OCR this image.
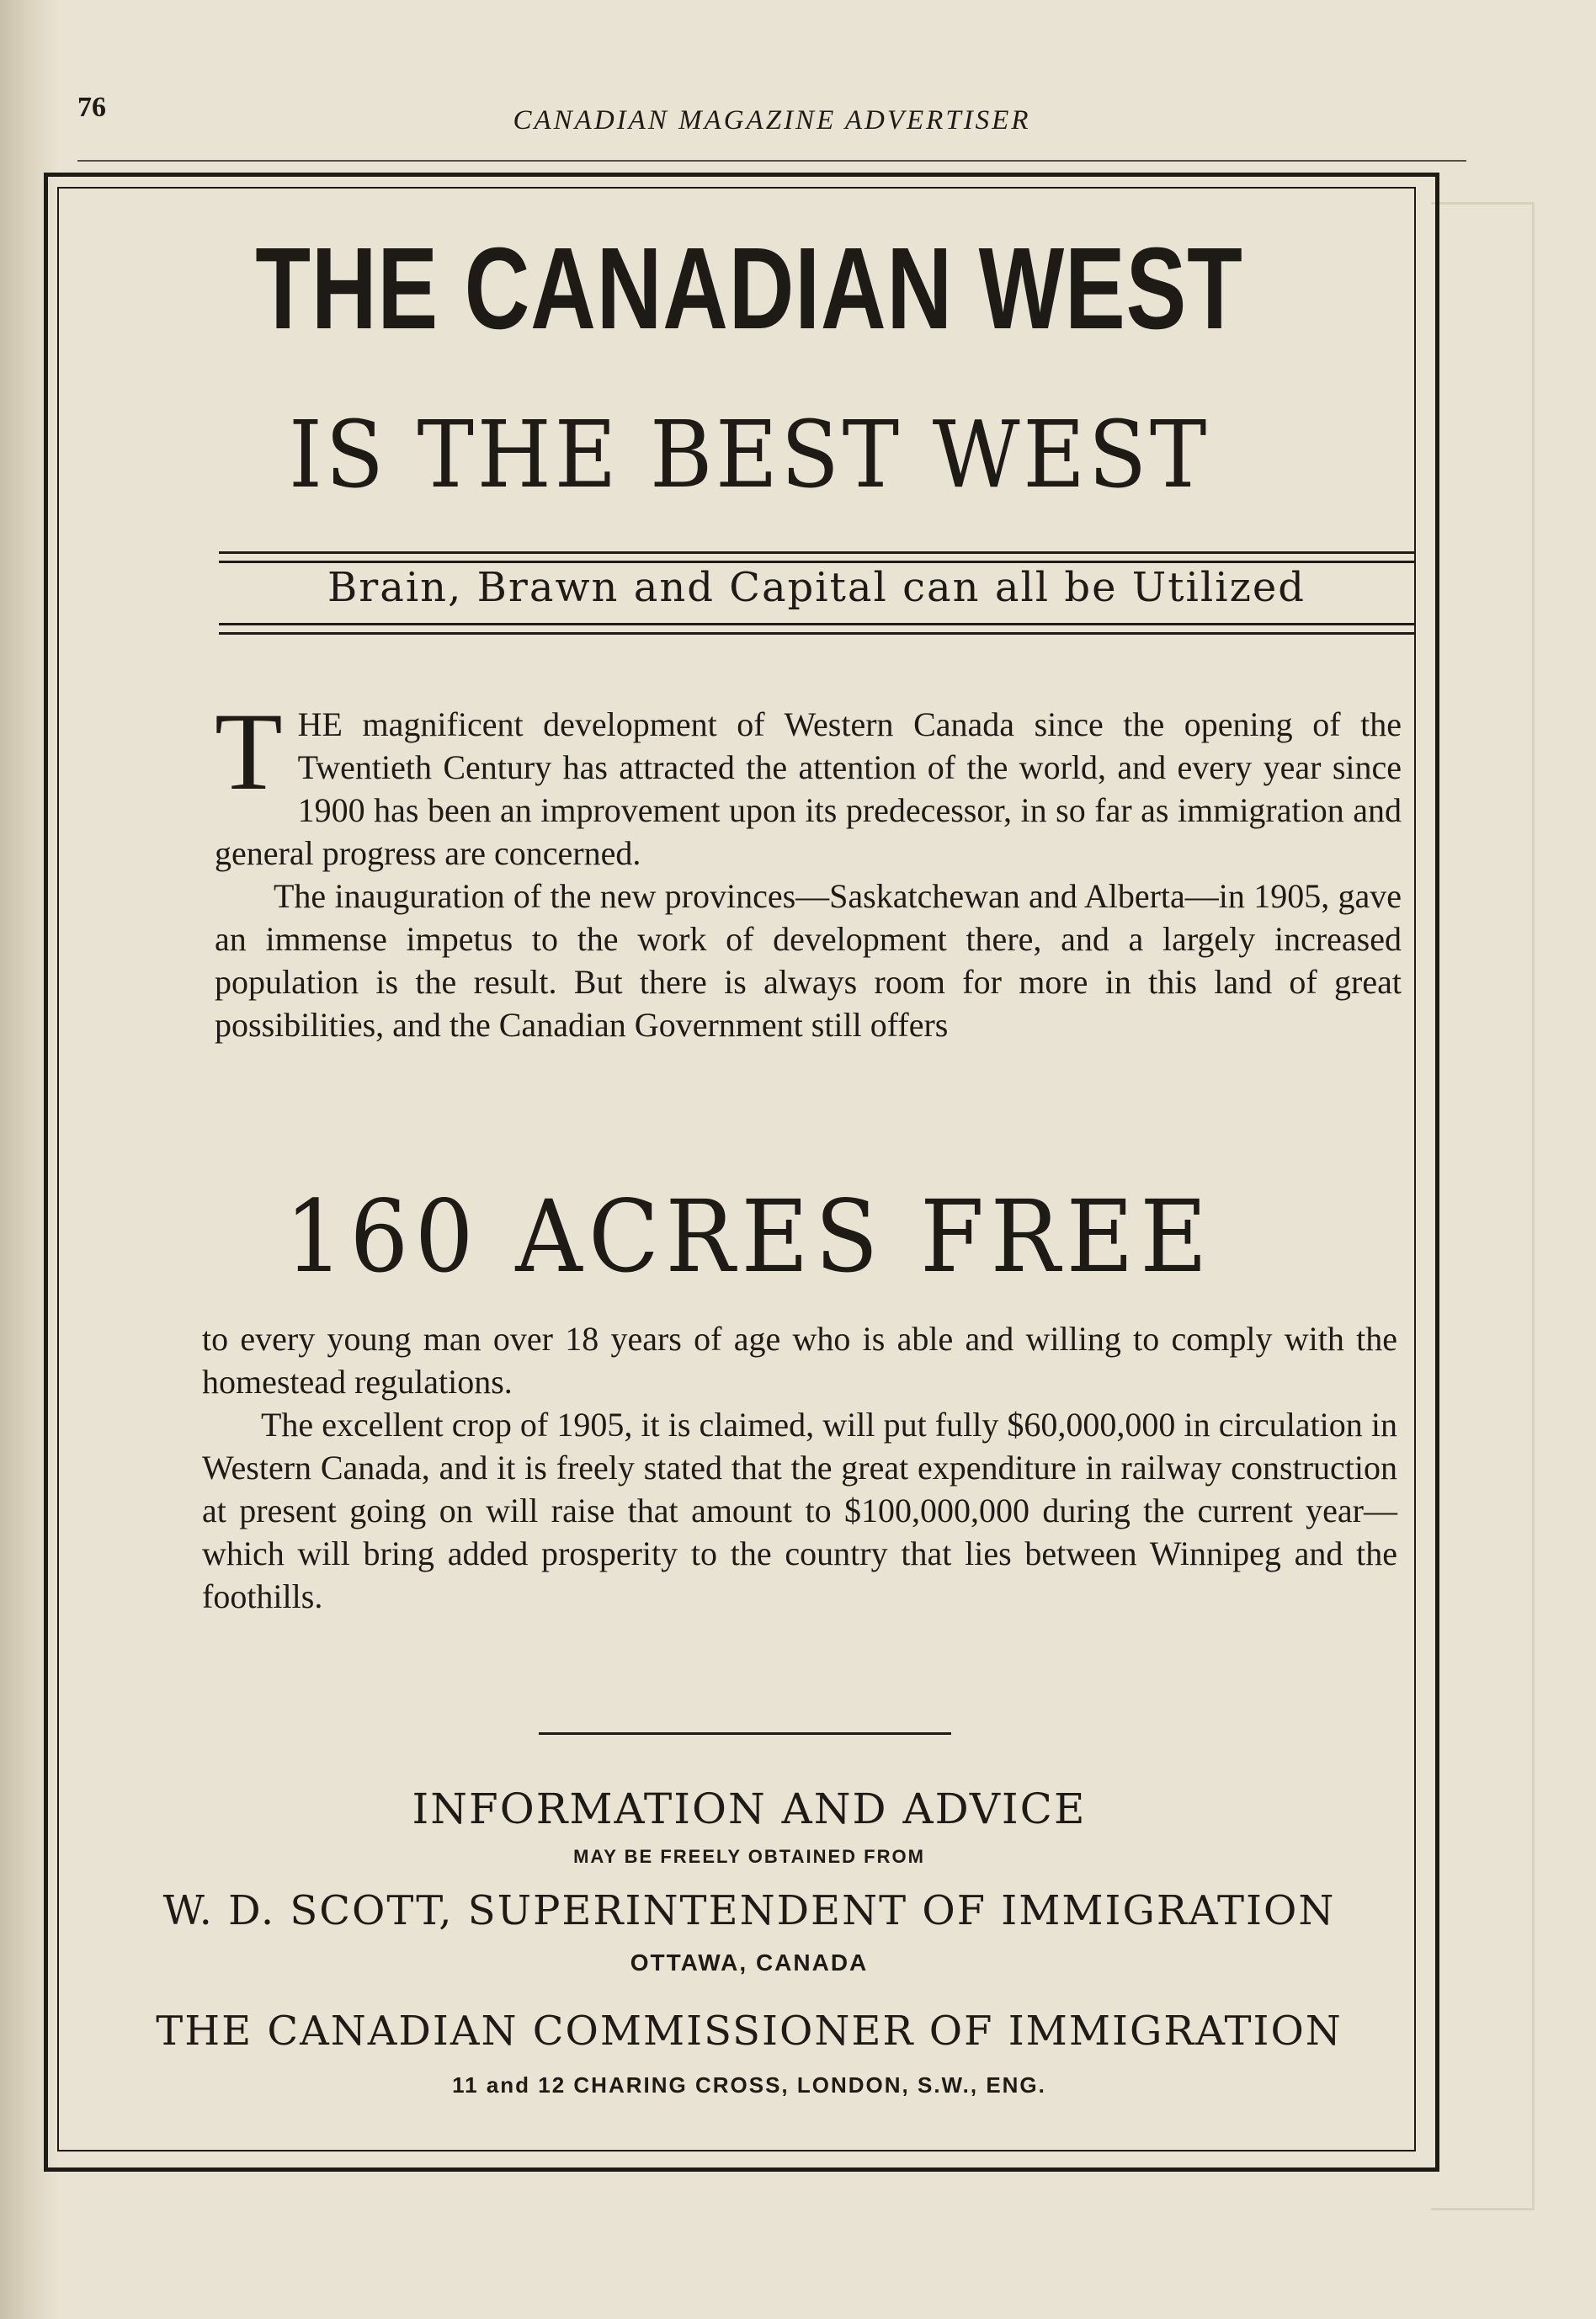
76	CANADIAN MAGAZINE ADVERTISER
THE CANADIAN WEST
IS THE BEST WEST
Brain, Brawn and Capital can all be Utilized

THE magnificent development of Western Canada since the opening of the Twentieth Century has attracted the attention of the world, and every year since 1900 has been an improvement upon its predecessor, in so far as immigration and general progress are concerned.

The inauguration of the new provinces—Saskatchewan and Alberta—in 1905, gave an immense impetus to the work of development there, and a largely increased population is the result. But there is always room for more in this land of great possibilities, and the Canadian Government still offers

160 ACRES FREE

to every young man over 18 years of age who is able and willing to comply with the homestead regulations.

The excellent crop of 1905, it is claimed, will put fully $60,000,000 in circulation in Western Canada, and it is freely stated that the great expenditure in railway construction at present going on will raise that amount to $100,000,000 during the current year—which will bring added prosperity to the country that lies between Winnipeg and the foothills.

INFORMATION AND ADVICE
MAY BE FREELY OBTAINED FROM
W. D. SCOTT, SUPERINTENDENT OF IMMIGRATION
OTTAWA, CANADA
THE CANADIAN COMMISSIONER OF IMMIGRATION
11 and 12 CHARING CROSS, LONDON, S.W., ENG.
